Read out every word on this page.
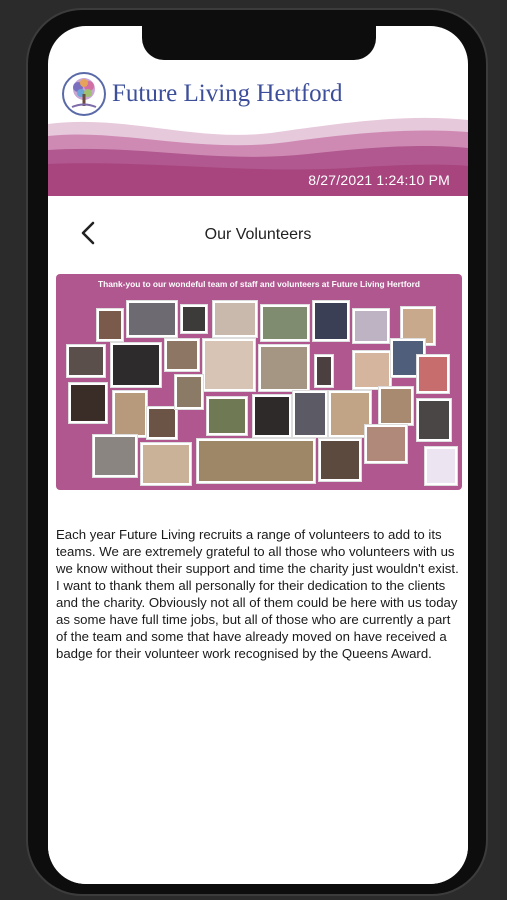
Future Living Hertford
8/27/2021 1:24:10 PM
Our Volunteers
Thank-you to our wondeful team of staff and volunteers at Future Living Hertford
Each year Future Living recruits a range of volunteers to add to its teams. We are extremely grateful to all those who volunteers with us we know without their support and time the charity just wouldn't exist. I want to thank them all personally for their dedication to the clients and the charity. Obviously not all of them could be here with us today as some have full time jobs, but all of those who are currently a part of the team and some that have already moved on have received a badge for their volunteer work recognised by the Queens Award.
